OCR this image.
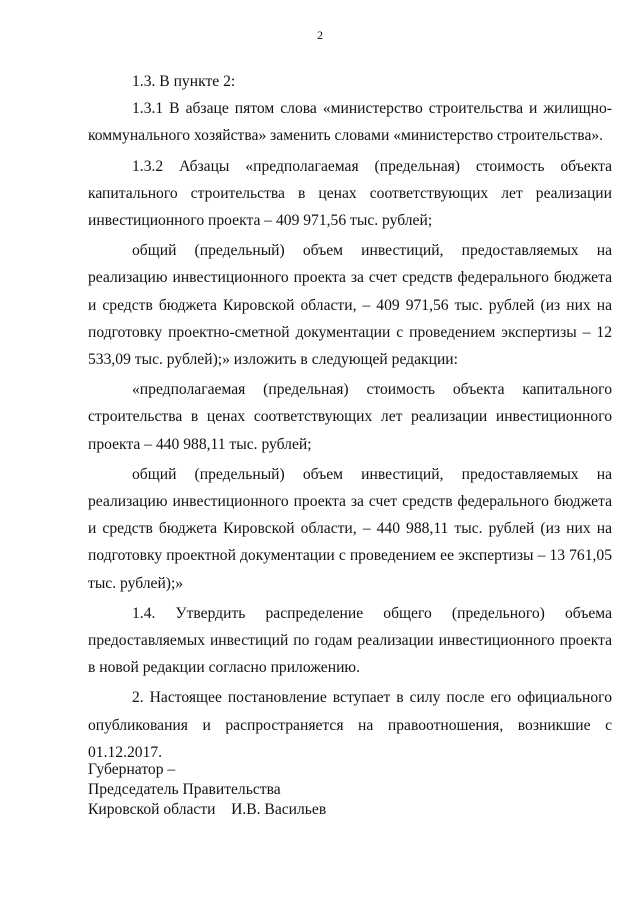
2

1.3. В пункте 2:

1.3.1 В абзаце пятом слова «министерство строительства и жилищно-коммунального хозяйства» заменить словами «министерство строительства».

1.3.2 Абзацы «предполагаемая (предельная) стоимость объекта капитального строительства в ценах соответствующих лет реализации инвестиционного проекта – 409 971,56 тыс. рублей;

общий (предельный) объем инвестиций, предоставляемых на реализацию инвестиционного проекта за счет средств федерального бюджета и средств бюджета Кировской области, – 409 971,56 тыс. рублей (из них на подготовку проектно-сметной документации с проведением экспертизы – 12 533,09 тыс. рублей);» изложить в следующей редакции:

«предполагаемая (предельная) стоимость объекта капитального строительства в ценах соответствующих лет реализации инвестиционного проекта – 440 988,11 тыс. рублей;

общий (предельный) объем инвестиций, предоставляемых на реализацию инвестиционного проекта за счет средств федерального бюджета и средств бюджета Кировской области, – 440 988,11 тыс. рублей (из них на подготовку проектной документации с проведением ее экспертизы – 13 761,05 тыс. рублей);»

1.4. Утвердить распределение общего (предельного) объема предоставляемых инвестиций по годам реализации инвестиционного проекта в новой редакции согласно приложению.

2. Настоящее постановление вступает в силу после его официального опубликования и распространяется на правоотношения, возникшие с 01.12.2017.

Губернатор –
Председатель Правительства
Кировской области И.В. Васильев
